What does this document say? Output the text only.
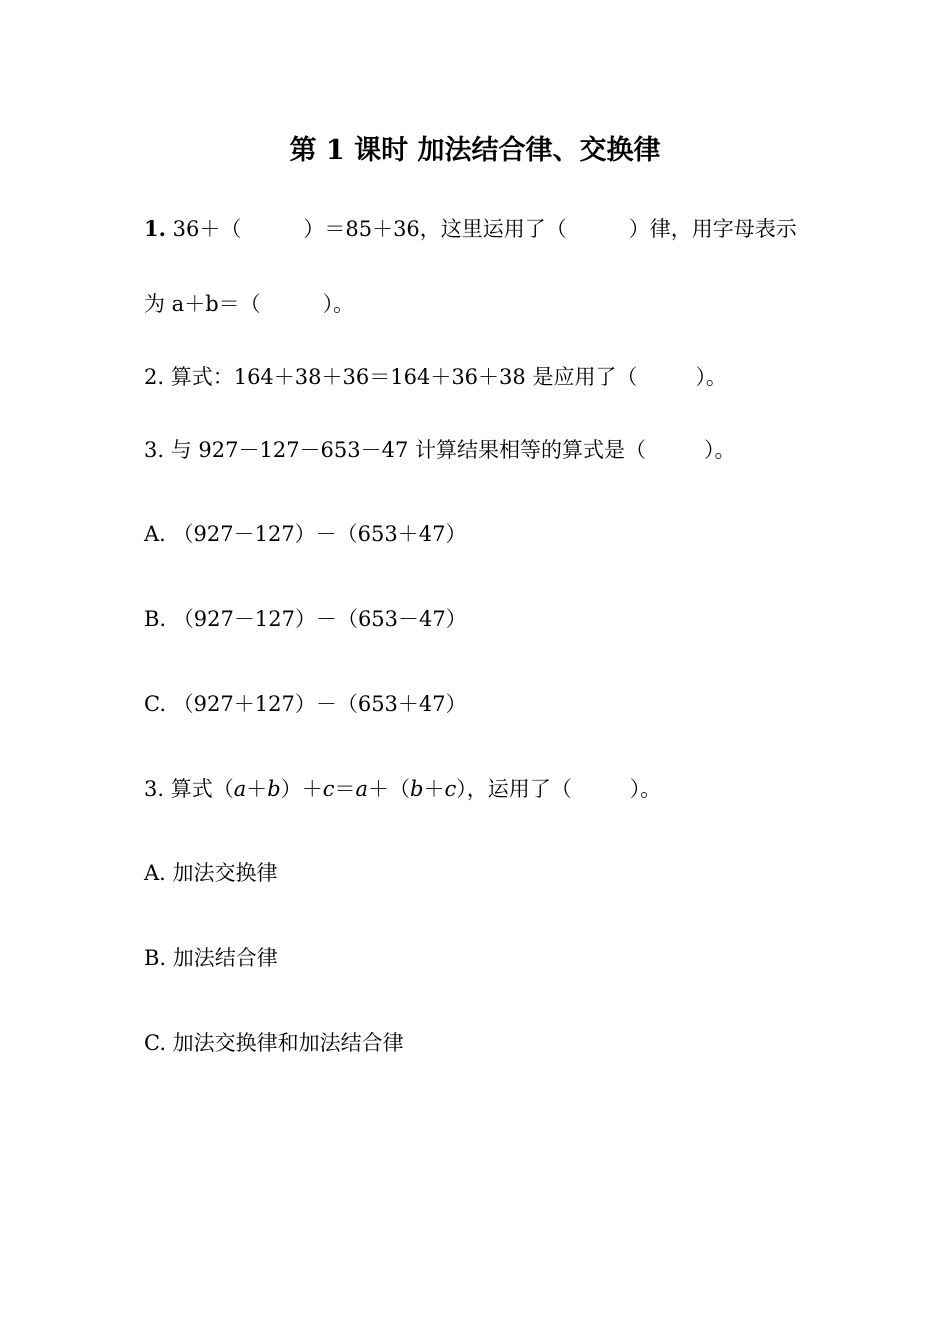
第 1 课时 加法结合律、交换律
1. 36＋（	）＝85＋36，这里运用了（	）律，用字母表示
为 a＋b＝（	）。
2. 算式：164＋38＋36＝164＋36＋38 是应用了（	）。
3. 与 927－127－653－47 计算结果相等的算式是（	）。
A. （927－127）－（653＋47）
B. （927－127）－（653－47）
C. （927＋127）－（653＋47）
3. 算式（a＋b）＋c＝a＋（b＋c），运用了（	）。
A. 加法交换律
B. 加法结合律
C. 加法交换律和加法结合律
